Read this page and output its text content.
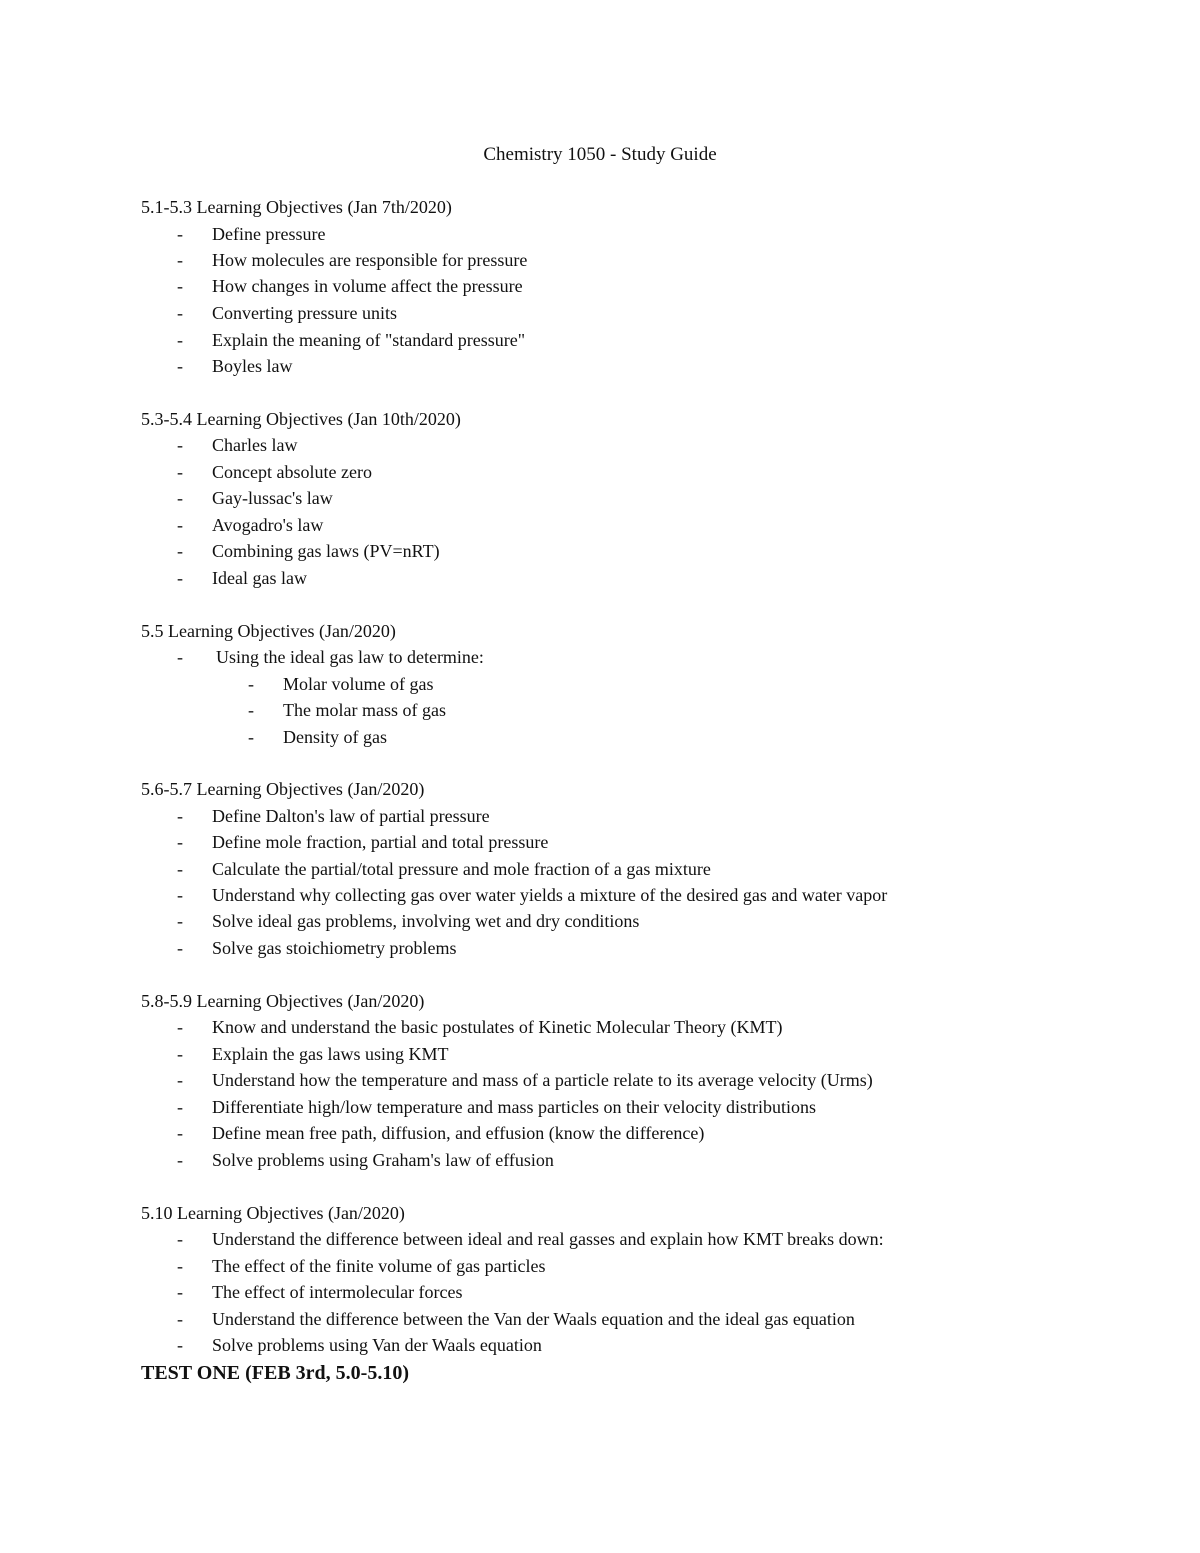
Chemistry 1050 - Study Guide
5.1-5.3 Learning Objectives (Jan 7th/2020)
- Define pressure
- How molecules are responsible for pressure
- How changes in volume affect the pressure
- Converting pressure units
- Explain the meaning of "standard pressure"
- Boyles law
5.3-5.4 Learning Objectives (Jan 10th/2020)
- Charles law
- Concept absolute zero
- Gay-lussac's law
- Avogadro's law
- Combining gas laws (PV=nRT)
- Ideal gas law
5.5 Learning Objectives (Jan/2020)
- Using the ideal gas law to determine:
- Molar volume of gas
- The molar mass of gas
- Density of gas
5.6-5.7 Learning Objectives (Jan/2020)
- Define Dalton's law of partial pressure
- Define mole fraction, partial and total pressure
- Calculate the partial/total pressure and mole fraction of a gas mixture
- Understand why collecting gas over water yields a mixture of the desired gas and water vapor
- Solve ideal gas problems, involving wet and dry conditions
- Solve gas stoichiometry problems
5.8-5.9 Learning Objectives (Jan/2020)
- Know and understand the basic postulates of Kinetic Molecular Theory (KMT)
- Explain the gas laws using KMT
- Understand how the temperature and mass of a particle relate to its average velocity (Urms)
- Differentiate high/low temperature and mass particles on their velocity distributions
- Define mean free path, diffusion, and effusion (know the difference)
- Solve problems using Graham's law of effusion
5.10 Learning Objectives (Jan/2020)
- Understand the difference between ideal and real gasses and explain how KMT breaks down:
- The effect of the finite volume of gas particles
- The effect of intermolecular forces
- Understand the difference between the Van der Waals equation and the ideal gas equation
- Solve problems using Van der Waals equation
TEST ONE (FEB 3rd, 5.0-5.10)
